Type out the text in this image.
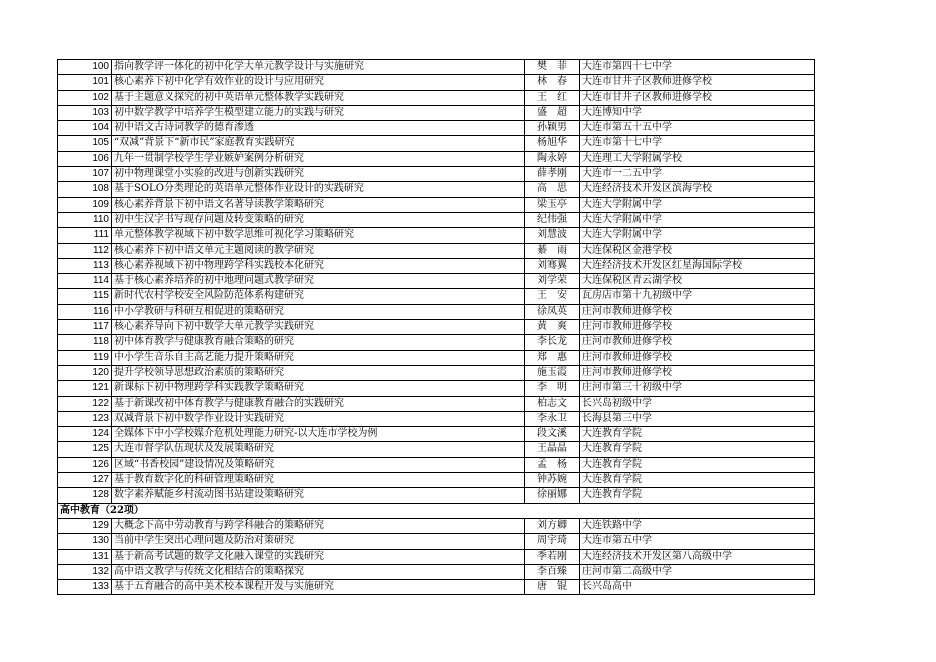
100	指向教学评一体化的初中化学大单元教学设计与实施研究	樊　菲	大连市第四十七中学
101	核心素养下初中化学有效作业的设计与应用研究	林　春	大连市甘井子区教师进修学校
102	基于主题意义探究的初中英语单元整体教学实践研究	王　红	大连市甘井子区教师进修学校
103	初中数学教学中培养学生模型建立能力的实践与研究	盛　超	大连博知中学
104	初中语文古诗词教学的德育渗透	孙颖男	大连市第五十五中学
105	“双减”背景下“新市民”家庭教育实践研究	杨旭华	大连市第十七中学
106	九年一贯制学校学生学业嫉妒案例分析研究	陶永婷	大连理工大学附属学校
107	初中物理课堂小实验的改进与创新实践研究	薛孝刚	大连市一二五中学
108	基于SOLO分类理论的英语单元整体作业设计的实践研究	高　思	大连经济技术开发区滨海学校
109	核心素养背景下初中语文名著导读教学策略研究	梁玉亭	大连大学附属中学
110	初中生汉字书写现存问题及转变策略的研究	纪伟强	大连大学附属中学
111	单元整体教学视域下初中数学思维可视化学习策略研究	刘慧波	大连大学附属中学
112	核心素养下初中语文单元主题阅读的教学研究	綦　雨	大连保税区金港学校
113	核心素养视域下初中物理跨学科实践校本化研究	刘骞翼	大连经济技术开发区红星海国际学校
114	基于核心素养培养的初中地理问题式教学研究	刘学荣	大连保税区青云湖学校
115	新时代农村学校安全风险防范体系构建研究	王　安	瓦房店市第十九初级中学
116	中小学教研与科研互相促进的策略研究	徐凤英	庄河市教师进修学校
117	核心素养导向下初中数学大单元教学实践研究	黄　爽	庄河市教师进修学校
118	初中体育教学与健康教育融合策略的研究	李长龙	庄河市教师进修学校
119	中小学生音乐自主高艺能力提升策略研究	郑　惠	庄河市教师进修学校
120	提升学校领导思想政治素质的策略研究	施玉霞	庄河市教师进修学校
121	新课标下初中物理跨学科实践教学策略研究	李　明	庄河市第三十初级中学
122	基于新课改初中体育教学与健康教育融合的实践研究	柏志文	长兴岛初级中学
123	双减背景下初中数学作业设计实践研究	李永卫	长海县第三中学
124	全媒体下中小学校媒介危机处理能力研究-以大连市学校为例	段文溪	大连教育学院
125	大连市督学队伍现状及发展策略研究	王晶晶	大连教育学院
126	区域“书香校园”建设情况及策略研究	孟　杨	大连教育学院
127	基于教育数字化的科研管理策略研究	钟苏婉	大连教育学院
128	数字素养赋能乡村流动图书站建设策略研究	徐丽娜	大连教育学院
高中教育（22项）			
129	大概念下高中劳动教育与跨学科融合的策略研究	刘方卿	大连铁路中学
130	当前中学生突出心理问题及防治对策研究	周宇琦	大连市第五中学
131	基于新高考试题的数学文化融入课堂的实践研究	季若刚	大连经济技术开发区第八高级中学
132	高中语文教学与传统文化相结合的策略探究	李百臻	庄河市第二高级中学
133	基于五育融合的高中美术校本课程开发与实施研究	唐　锟	长兴岛高中
